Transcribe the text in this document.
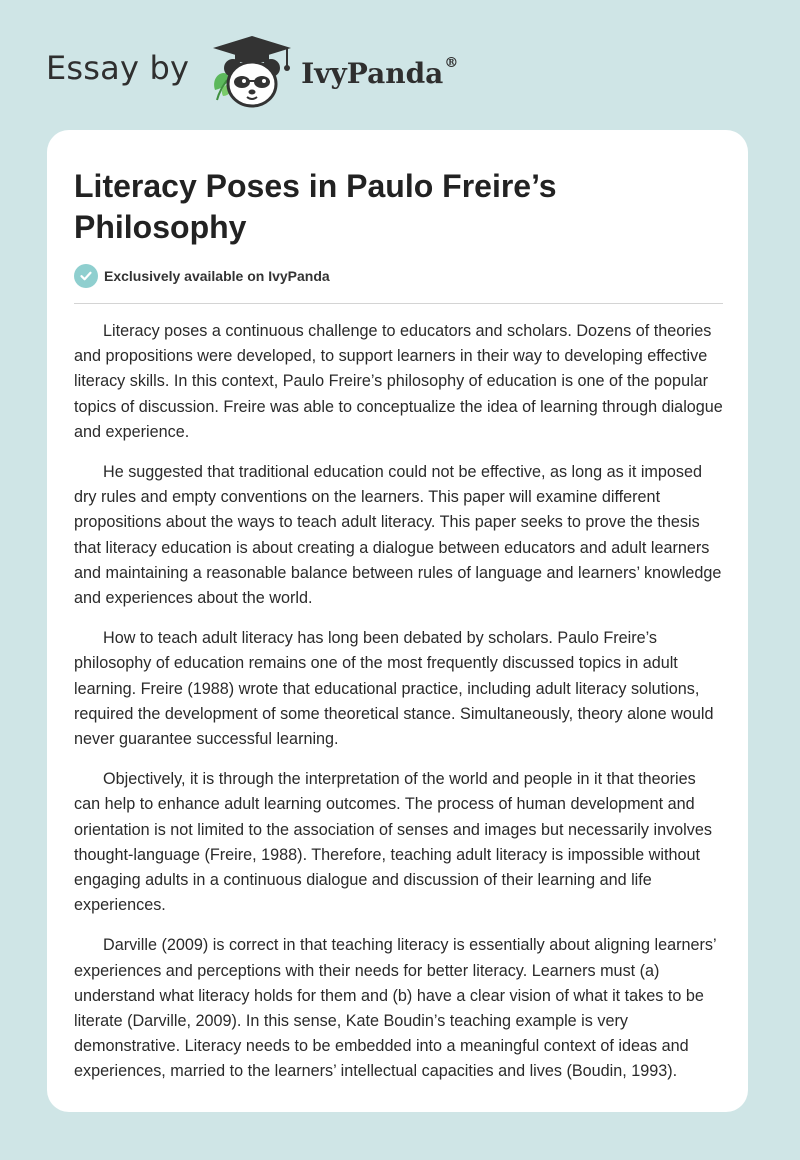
Essay by	IvyPanda®
Literacy Poses in Paulo Freire’s Philosophy
Exclusively available on IvyPanda

Literacy poses a continuous challenge to educators and scholars. Dozens of theories and propositions were developed, to support learners in their way to developing effective literacy skills. In this context, Paulo Freire’s philosophy of education is one of the popular topics of discussion. Freire was able to conceptualize the idea of learning through dialogue and experience.

He suggested that traditional education could not be effective, as long as it imposed dry rules and empty conventions on the learners. This paper will examine different propositions about the ways to teach adult literacy. This paper seeks to prove the thesis that literacy education is about creating a dialogue between educators and adult learners and maintaining a reasonable balance between rules of language and learners’ knowledge and experiences about the world.

How to teach adult literacy has long been debated by scholars. Paulo Freire’s philosophy of education remains one of the most frequently discussed topics in adult learning. Freire (1988) wrote that educational practice, including adult literacy solutions, required the development of some theoretical stance. Simultaneously, theory alone would never guarantee successful learning.

Objectively, it is through the interpretation of the world and people in it that theories can help to enhance adult learning outcomes. The process of human development and orientation is not limited to the association of senses and images but necessarily involves thought-language (Freire, 1988). Therefore, teaching adult literacy is impossible without engaging adults in a continuous dialogue and discussion of their learning and life experiences.

Darville (2009) is correct in that teaching literacy is essentially about aligning learners’ experiences and perceptions with their needs for better literacy. Learners must (a) understand what literacy holds for them and (b) have a clear vision of what it takes to be literate (Darville, 2009). In this sense, Kate Boudin’s teaching example is very demonstrative. Literacy needs to be embedded into a meaningful context of ideas and experiences, married to the learners’ intellectual capacities and lives (Boudin, 1993).
